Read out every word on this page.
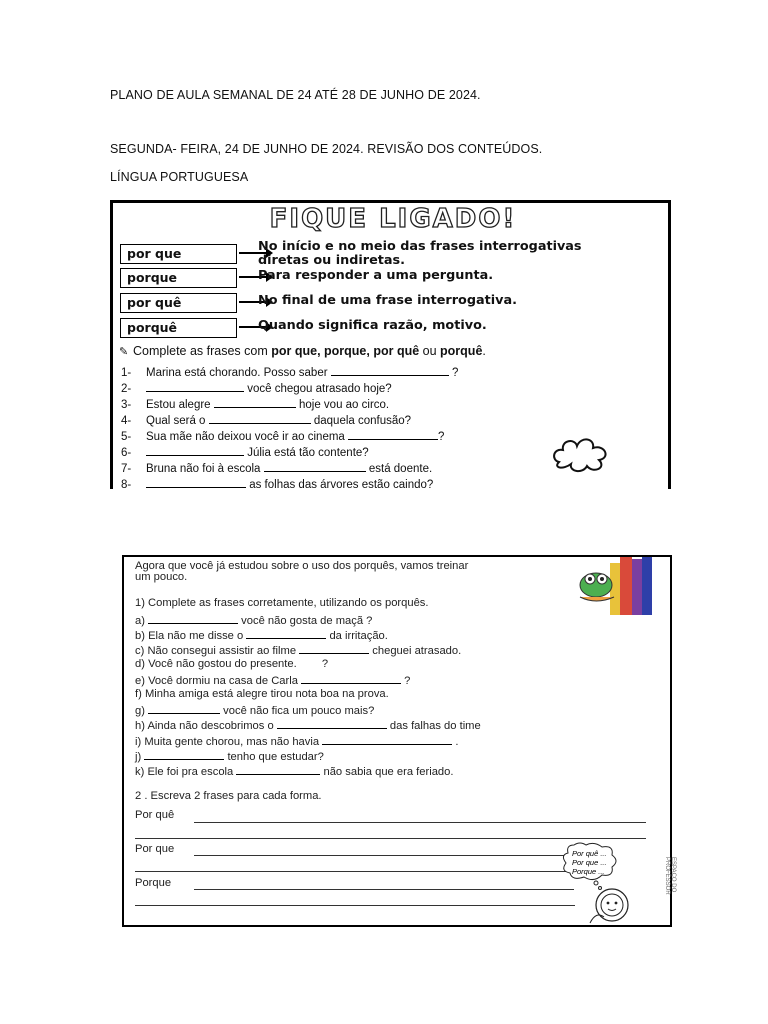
PLANO DE AULA SEMANAL DE 24 ATÉ 28 DE JUNHO DE 2024.
SEGUNDA- FEIRA, 24 DE JUNHO DE 2024. REVISÃO DOS CONTEÚDOS.
LÍNGUA PORTUGUESA
FIQUE LIGADO!
por que	No início e no meio das frases interrogativas
diretas ou indiretas.
porque	Para responder a uma pergunta.
por quê	No final de uma frase interrogativa.
porquê	Quando significa razão, motivo.
✎ Complete as frases com por que, porque, por quê ou porquê.
1- Marina está chorando. Posso saber	?
2-	você chegou atrasado hoje?
3- Estou alegre	hoje vou ao circo.
4- Qual será o	daquela confusão?
5- Sua mãe não deixou você ir ao cinema	?
6-	Júlia está tão contente?
7- Bruna não foi à escola	está doente.
8-	as folhas das árvores estão caindo?
Agora que você já estudou sobre o uso dos porquês, vamos treinar
um pouco.
1) Complete as frases corretamente, utilizando os porquês.
a)	você não gosta de maçã ?
b) Ela não me disse o	da irritação.
c) Não consegui assistir ao filme	cheguei atrasado.
d) Você não gostou do presente. ?
e) Você dormiu na casa de Carla	?
f) Minha amiga está alegre tirou nota boa na prova.
g)	você não fica um pouco mais?
h) Ainda não descobrimos o	das falhas do time
i) Muita gente chorou, mas não havia	.
j)	tenho que estudar?
k) Ele foi pra escola	não sabia que era feriado.
2 . Escreva 2 frases para cada forma.
Por quê
Por que
Porque
Por quê ...
Por que ...
Porque ...	ESPAÇO DO PROFESSOR
